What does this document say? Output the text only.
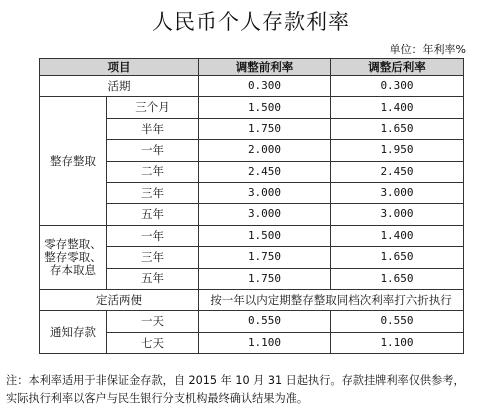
人民币个人存款利率
单位：年利率%
项目		调整前利率	调整后利率
活期		0.300	0.300
整存整取	三个月	1.500	1.400
	半年	1.750	1.650
	一年	2.000	1.950
	二年	2.450	2.450
	三年	3.000	3.000
	五年	3.000	3.000

零存整取、
整存零取、
存本取息	一年	1.500	1.400
	三年	1.750	1.650
	五年	1.750	1.650
定活两便		按一年以内定期整存整取同档次利率打六折执行	
通知存款	一天	0.550	0.550
	七天	1.100	1.100
注：本利率适用于非保证金存款，自 2015 年 10 月 31 日起执行。存款挂牌利率仅供参考，
实际执行利率以客户与民生银行分支机构最终确认结果为准。
